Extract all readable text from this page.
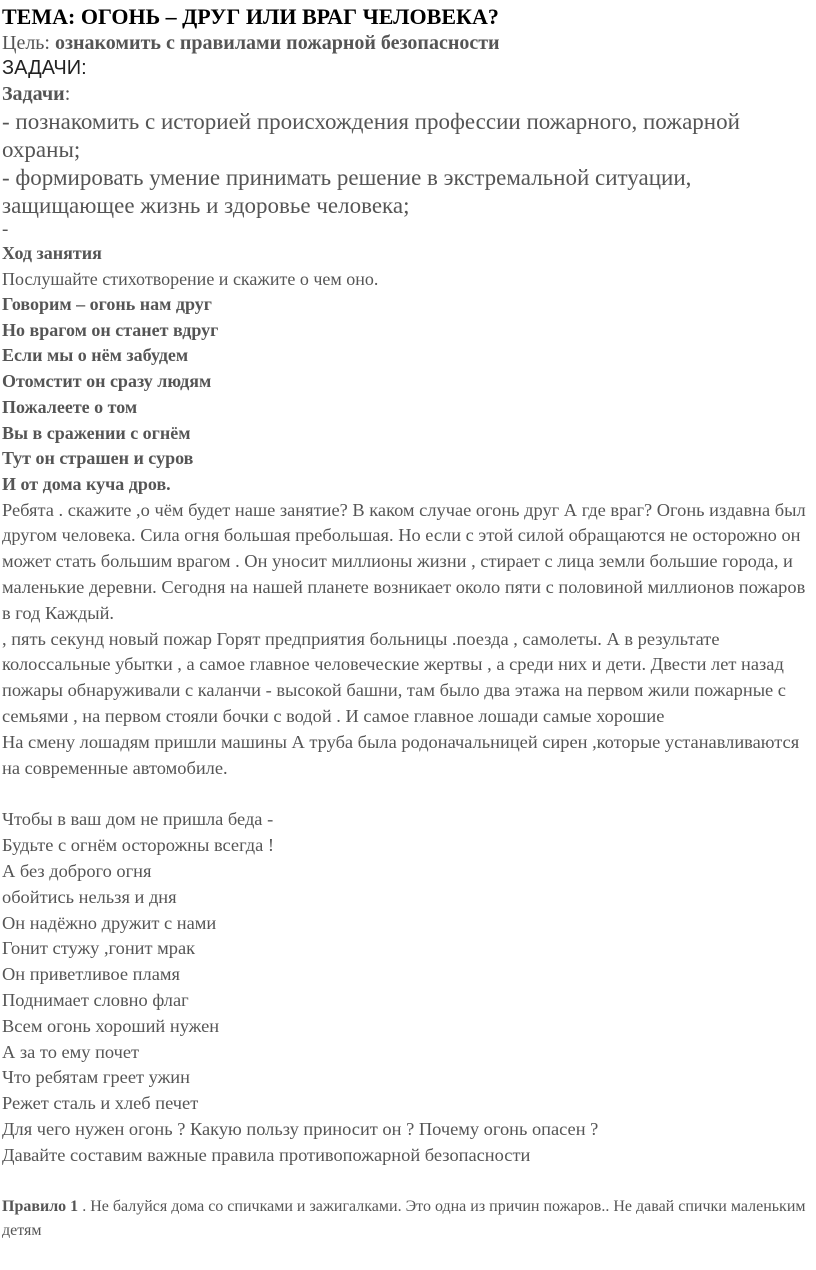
ТЕМА: ОГОНЬ – ДРУГ ИЛИ ВРАГ ЧЕЛОВЕКА?

Цель: ознакомить с правилами пожарной безопасности

ЗАДАЧИ:

Задачи:

- познакомить с историей происхождения профессии пожарного, пожарной охраны;

- формировать умение принимать решение в экстремальной ситуации, защищающее жизнь и здоровье человека;

-

Ход занятия

Послушайте стихотворение и скажите о чем оно.

Говорим – огонь нам друг

Но врагом он станет вдруг

Если мы о нём забудем

Отомстит он сразу людям

Пожалеете о том

Вы в сражении с огнём

Тут он страшен и суров

И от дома куча дров.

Ребята . скажите ,о чём будет наше занятие? В каком случае огонь друг А где враг? Огонь издавна был другом человека. Сила огня большая пребольшая. Но если с этой силой обращаются не осторожно он может стать большим врагом . Он уносит миллионы жизни , стирает с лица земли большие города, и маленькие деревни. Сегодня на нашей планете возникает около пяти с половиной миллионов пожаров в год Каждый.

, пять секунд новый пожар Горят предприятия больницы .поезда , самолеты. А в результате колоссальные убытки , а самое главное человеческие жертвы , а среди них и дети. Двести лет назад пожары обнаруживали с каланчи - высокой башни, там было два этажа на первом жили пожарные с семьями , на первом стояли бочки с водой . И самое главное лошади самые хорошие

На смену лошадям пришли машины А труба была родоначальницей сирен ,которые устанавливаются на современные автомобиле.

Чтобы в ваш дом не пришла беда -

Будьте с огнём осторожны всегда !

А без доброго огня

обойтись нельзя и дня

Он надёжно дружит с нами

Гонит стужу ,гонит мрак

Он приветливое пламя

Поднимает словно флаг

Всем огонь хороший нужен

А за то ему почет

Что ребятам греет ужин

Режет сталь и хлеб печет

Для чего нужен огонь ? Какую пользу приносит он ? Почему огонь опасен ?

Давайте составим важные правила противопожарной безопасности

Правило 1 . Не балуйся дома со спичками и зажигалками. Это одна из причин пожаров.. Не давай спички маленьким детям
